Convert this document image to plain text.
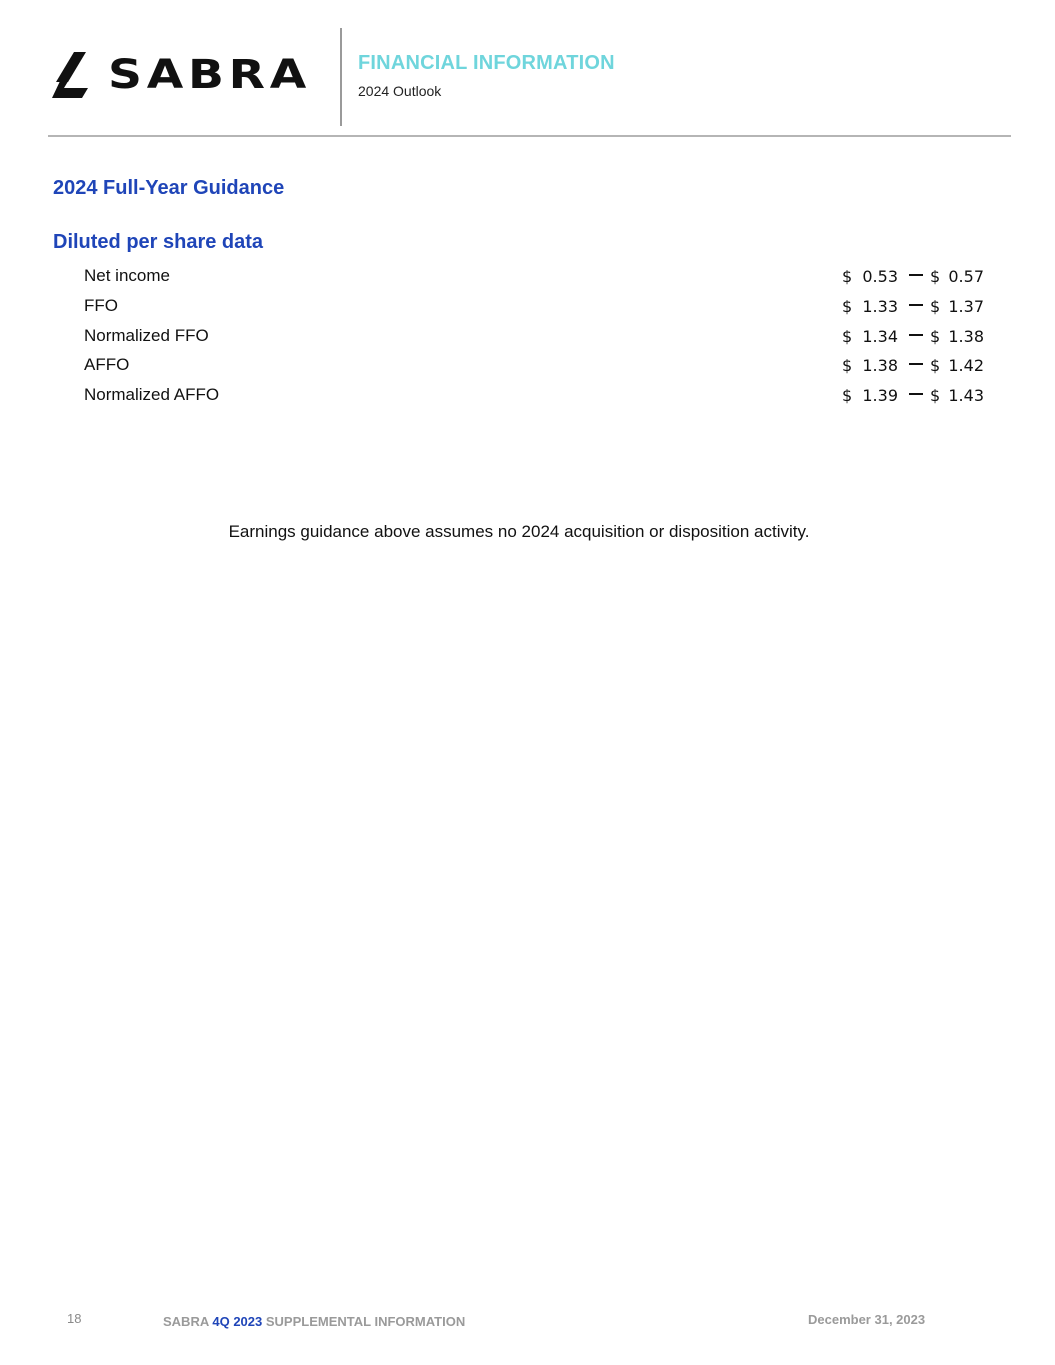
SABRA FINANCIAL INFORMATION
2024 Outlook
2024 Full-Year Guidance
Diluted per share data
Net income	$ 0.53 $ 0.57
FFO	$ 1.33 $ 1.37
Normalized FFO	$ 1.34 $ 1.38
AFFO	$ 1.38 $ 1.42
Normalized AFFO	$ 1.39 $ 1.43
Earnings guidance above assumes no 2024 acquisition or disposition activity.
18	SABRA 4Q 2023 SUPPLEMENTAL INFORMATION	December 31, 2023
